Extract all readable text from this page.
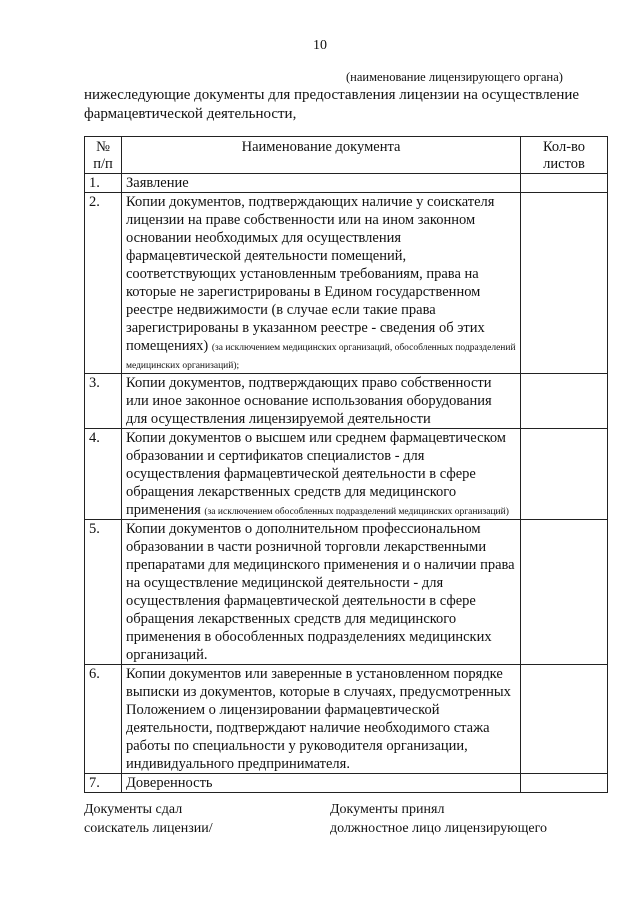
10
(наименование лицензирующего органа)
нижеследующие документы для предоставления лицензии на осуществление фармацевтической деятельности,
№ п/п	Наименование документа	Кол-во листов
1.	Заявление	
2.	Копии документов, подтверждающих наличие у соискателя лицензии на праве собственности или на ином законном основании необходимых для осуществления фармацевтической деятельности помещений, соответствующих установленным требованиям, права на которые не зарегистрированы в Едином государственном реестре недвижимости (в случае если такие права зарегистрированы в указанном реестре - сведения об этих помещениях) (за исключением медицинских организаций, обособленных подразделений медицинских организаций);	
3.	Копии документов, подтверждающих право собственности или иное законное основание использования оборудования для осуществления лицензируемой деятельности	
4.	Копии документов о высшем или среднем фармацевтическом образовании и сертификатов специалистов - для осуществления фармацевтической деятельности в сфере обращения лекарственных средств для медицинского применения (за исключением обособленных подразделений медицинских организаций)	
5.	Копии документов о дополнительном профессиональном образовании в части розничной торговли лекарственными препаратами для медицинского применения и о наличии права на осуществление медицинской деятельности - для осуществления фармацевтической деятельности в сфере обращения лекарственных средств для медицинского применения в обособленных подразделениях медицинских организаций.	
6.	Копии документов или заверенные в установленном порядке выписки из документов, которые в случаях, предусмотренных Положением о лицензировании фармацевтической деятельности, подтверждают наличие необходимого стажа работы по специальности у руководителя организации, индивидуального предпринимателя.	
7.	Доверенность	
Документы сдал
соискатель лицензии/
Документы принял
должностное лицо лицензирующего
